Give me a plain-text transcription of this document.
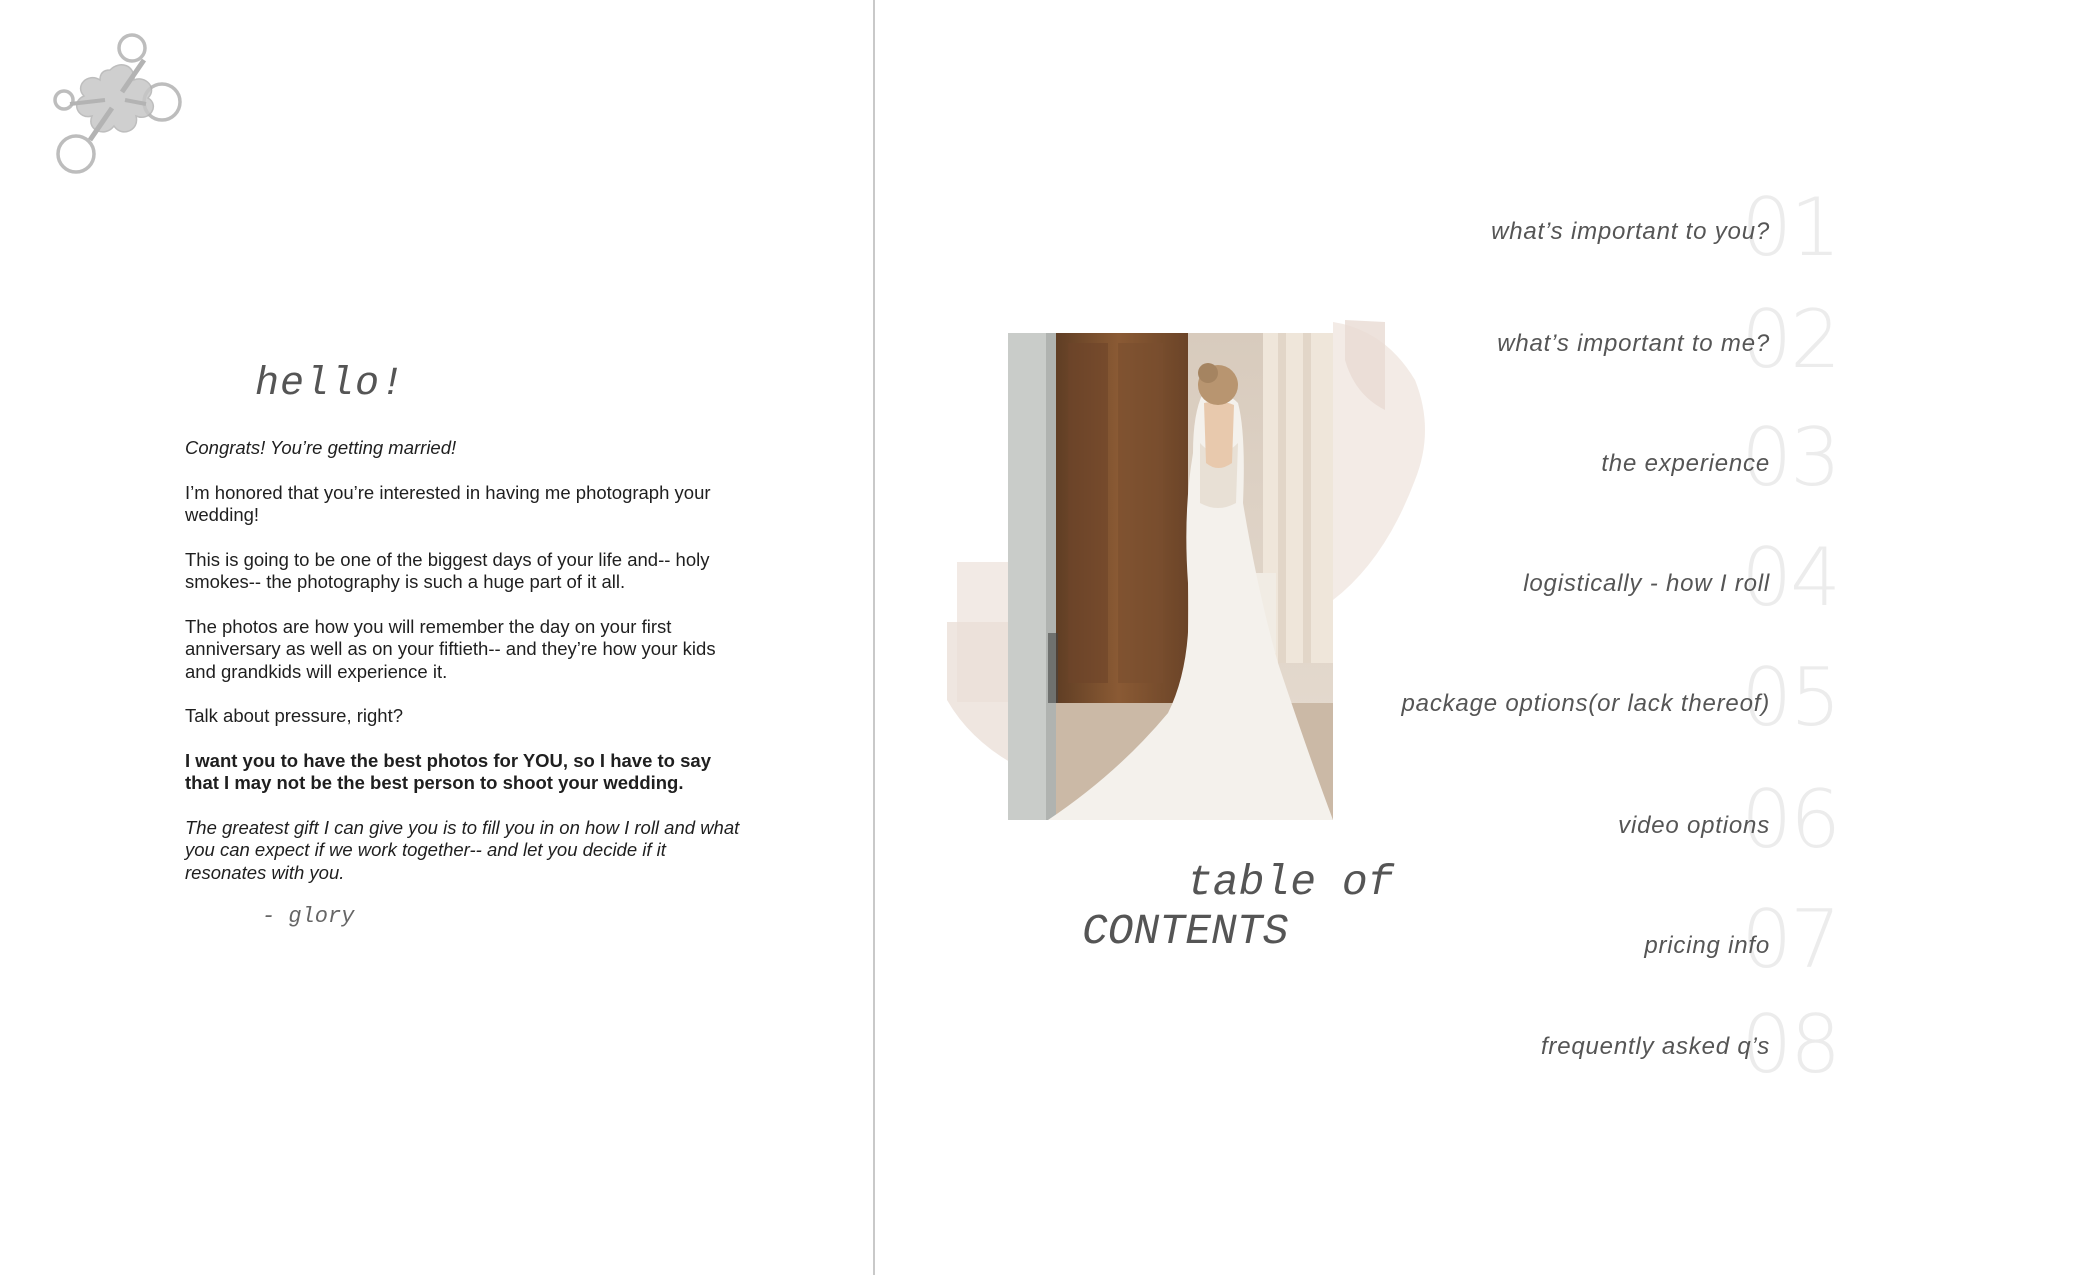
hello!

Congrats! You’re getting married!

I’m honored that you’re interested in having me photograph your wedding!

This is going to be one of the biggest days of your life and-- holy smokes-- the photography is such a huge part of it all.

The photos are how you will remember the day on your first anniversary as well as on your fiftieth-- and they’re how your kids and grandkids will experience it.

Talk about pressure, right?

I want you to have the best photos for YOU, so I have to say that I may not be the best person to shoot your wedding.

The greatest gift I can give you is to fill you in on how I roll and what you can expect if we work together-- and let you decide if it resonates with you.

- glory
table of
CONTENTS
01
what’s important to you?
02
what’s important to me?
03
the experience
04
logistically - how I roll
05
package options(or lack thereof)
06
video options
07
pricing info
08
frequently asked q’s
